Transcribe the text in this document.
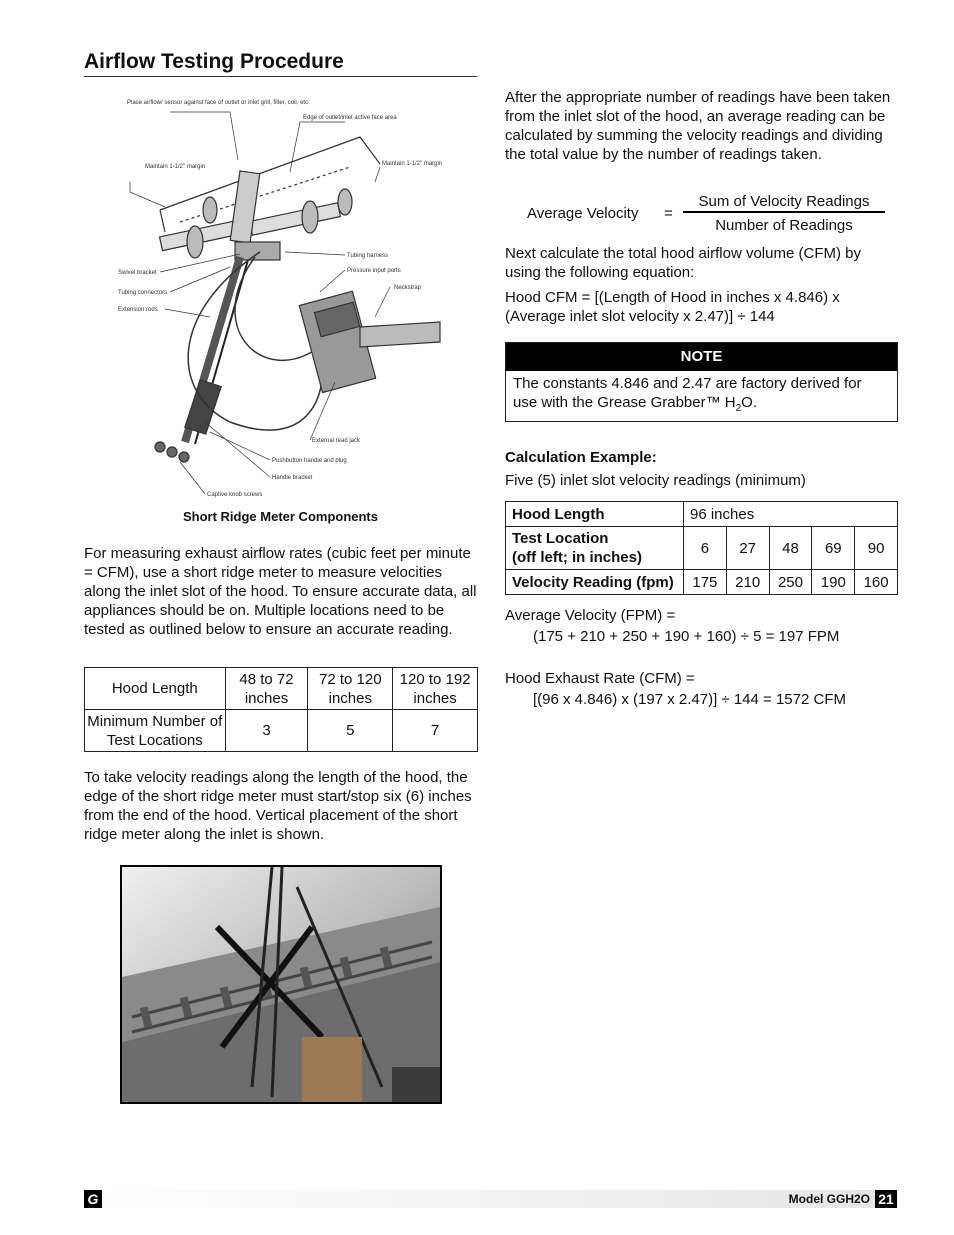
Airflow Testing Procedure
Place airflow/ sensor against face of outlet or inlet grill, filter, coil, etc
Edge of outlet/inlet active face area
Maintain 1-1/2" margin	Maintain 1-1/2" margin
Tubing harness
Pressure input ports
Neckstrap
Swivel bracket
Tubing connectors
Extension rods
External read jack
Pushbutton handle and plug
Handle bracket
Captive knob screws
Short Ridge Meter Components
For measuring exhaust airflow rates (cubic feet per minute = CFM), use a short ridge meter to measure velocities along the inlet slot of the hood. To ensure accurate data, all appliances should be on. Multiple locations need to be tested as outlined below to ensure an accurate reading.
Hood Length	48 to 72 inches	72 to 120 inches	120 to 192 inches
Minimum Number of Test Locations	3	5	7
To take velocity readings along the length of the hood, the edge of the short ridge meter must start/stop six (6) inches from the end of the hood. Vertical placement of the short ridge meter along the inlet is shown.
After the appropriate number of readings have been taken from the inlet slot of the hood, an average reading can be calculated by summing the velocity readings and dividing the total value by the number of readings taken.
Average Velocity =
Sum of Velocity Readings
Number of Readings
Next calculate the total hood airflow volume (CFM) by using the following equation:
Hood CFM = [(Length of Hood in inches x 4.846) x
(Average inlet slot velocity x 2.47)] ÷ 144
NOTE
The constants 4.846 and 2.47 are factory derived for
use with the Grease Grabber™ $H_2O$.
Calculation Example:
Five (5) inlet slot velocity readings (minimum)
Hood Length	96 inches				

Test Location
(off left; in inches)	6	27	48	69	90
Velocity Reading (fpm)	175	210	250	190	160
Average Velocity (FPM) =
(175 + 210 + 250 + 190 + 160) ÷ 5 = 197 FPM
Hood Exhaust Rate (CFM) =
[(96 x 4.846) x (197 x 2.47)] ÷ 144 = 1572 CFM
G	Model GGH2O 21
